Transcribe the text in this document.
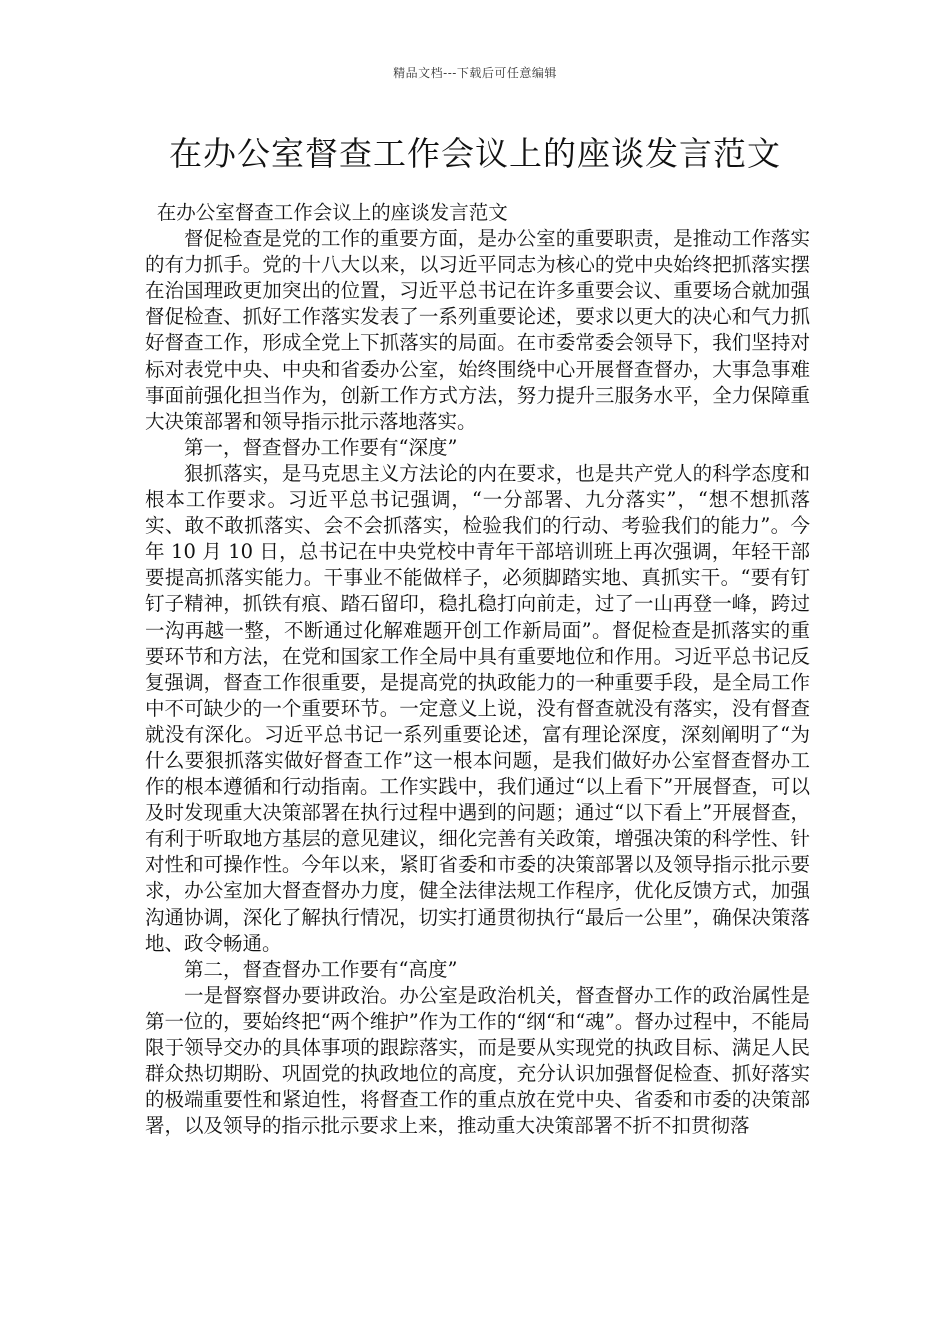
精品文档---下载后可任意编辑
在办公室督查工作会议上的座谈发言范文

在办公室督查工作会议上的座谈发言范文

督促检查是党的工作的重要方面，是办公室的重要职责，是推动工作落实的有力抓手。党的十八大以来，以习近平同志为核心的党中央始终把抓落实摆在治国理政更加突出的位置，习近平总书记在许多重要会议、重要场合就加强督促检查、抓好工作落实发表了一系列重要论述，要求以更大的决心和气力抓好督查工作，形成全党上下抓落实的局面。在市委常委会领导下，我们坚持对标对表党中央、中央和省委办公室，始终围绕中心开展督查督办，大事急事难事面前强化担当作为，创新工作方式方法，努力提升三服务水平，全力保障重大决策部署和领导指示批示落地落实。

第一，督查督办工作要有“深度”

狠抓落实，是马克思主义方法论的内在要求，也是共产党人的科学态度和根本工作要求。习近平总书记强调，“一分部署、九分落实”，“想不想抓落实、敢不敢抓落实、会不会抓落实，检验我们的行动、考验我们的能力”。今年 10 月 10 日，总书记在中央党校中青年干部培训班上再次强调，年轻干部要提高抓落实能力。干事业不能做样子，必须脚踏实地、真抓实干。“要有钉钉子精神，抓铁有痕、踏石留印，稳扎稳打向前走，过了一山再登一峰，跨过一沟再越一整，不断通过化解难题开创工作新局面”。督促检查是抓落实的重要环节和方法，在党和国家工作全局中具有重要地位和作用。习近平总书记反复强调，督查工作很重要，是提高党的执政能力的一种重要手段，是全局工作中不可缺少的一个重要环节。一定意义上说，没有督查就没有落实，没有督查就没有深化。习近平总书记一系列重要论述，富有理论深度，深刻阐明了“为什么要狠抓落实做好督查工作”这一根本问题，是我们做好办公室督查督办工作的根本遵循和行动指南。工作实践中，我们通过“以上看下”开展督查，可以及时发现重大决策部署在执行过程中遇到的问题；通过“以下看上”开展督查，有利于听取地方基层的意见建议，细化完善有关政策，增强决策的科学性、针对性和可操作性。今年以来，紧盯省委和市委的决策部署以及领导指示批示要求，办公室加大督查督办力度，健全法律法规工作程序，优化反馈方式，加强沟通协调，深化了解执行情况，切实打通贯彻执行“最后一公里”，确保决策落地、政令畅通。

第二，督查督办工作要有“高度”

一是督察督办要讲政治。办公室是政治机关，督查督办工作的政治属性是第一位的，要始终把“两个维护”作为工作的“纲“和“魂”。督办过程中，不能局限于领导交办的具体事项的跟踪落实，而是要从实现党的执政目标、满足人民群众热切期盼、巩固党的执政地位的高度，充分认识加强督促检查、抓好落实的极端重要性和紧迫性，将督查工作的重点放在党中央、省委和市委的决策部署，以及领导的指示批示要求上来，推动重大决策部署不折不扣贯彻落
